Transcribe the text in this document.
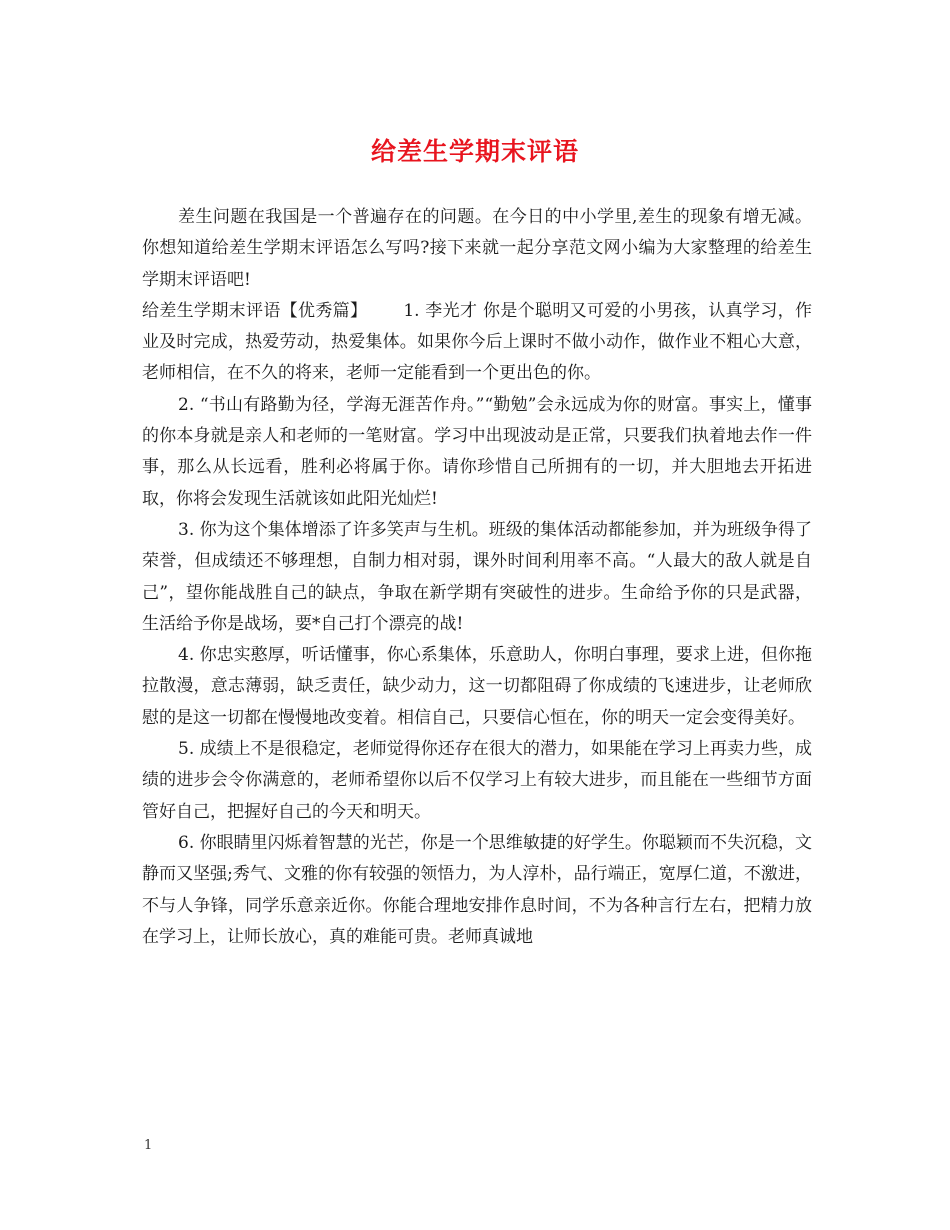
给差生学期末评语

差生问题在我国是一个普遍存在的问题。在今日的中小学里,差生的现象有增无减。你想知道给差生学期末评语怎么写吗?接下来就一起分享范文网小编为大家整理的给差生学期末评语吧!

给差生学期末评语【优秀篇】 1. 李光才 你是个聪明又可爱的小男孩，认真学习，作业及时完成，热爱劳动，热爱集体。如果你今后上课时不做小动作，做作业不粗心大意，老师相信，在不久的将来，老师一定能看到一个更出色的你。

2. “书山有路勤为径，学海无涯苦作舟。”“勤勉”会永远成为你的财富。事实上，懂事的你本身就是亲人和老师的一笔财富。学习中出现波动是正常，只要我们执着地去作一件事，那么从长远看，胜利必将属于你。请你珍惜自己所拥有的一切，并大胆地去开拓进取，你将会发现生活就该如此阳光灿烂!

3. 你为这个集体增添了许多笑声与生机。班级的集体活动都能参加，并为班级争得了荣誉，但成绩还不够理想，自制力相对弱，课外时间利用率不高。“人最大的敌人就是自己”，望你能战胜自己的缺点，争取在新学期有突破性的进步。生命给予你的只是武器，生活给予你是战场，要*自己打个漂亮的战!

4. 你忠实憨厚，听话懂事，你心系集体，乐意助人，你明白事理，要求上进，但你拖拉散漫，意志薄弱，缺乏责任，缺少动力，这一切都阻碍了你成绩的飞速进步，让老师欣慰的是这一切都在慢慢地改变着。相信自己，只要信心恒在，你的明天一定会变得美好。

5. 成绩上不是很稳定，老师觉得你还存在很大的潜力，如果能在学习上再卖力些，成绩的进步会令你满意的，老师希望你以后不仅学习上有较大进步，而且能在一些细节方面管好自己，把握好自己的今天和明天。

6. 你眼睛里闪烁着智慧的光芒，你是一个思维敏捷的好学生。你聪颖而不失沉稳，文静而又坚强;秀气、文雅的你有较强的领悟力，为人淳朴，品行端正，宽厚仁道，不激进，不与人争锋，同学乐意亲近你。你能合理地安排作息时间，不为各种言行左右，把精力放在学习上，让师长放心，真的难能可贵。老师真诚地

1
